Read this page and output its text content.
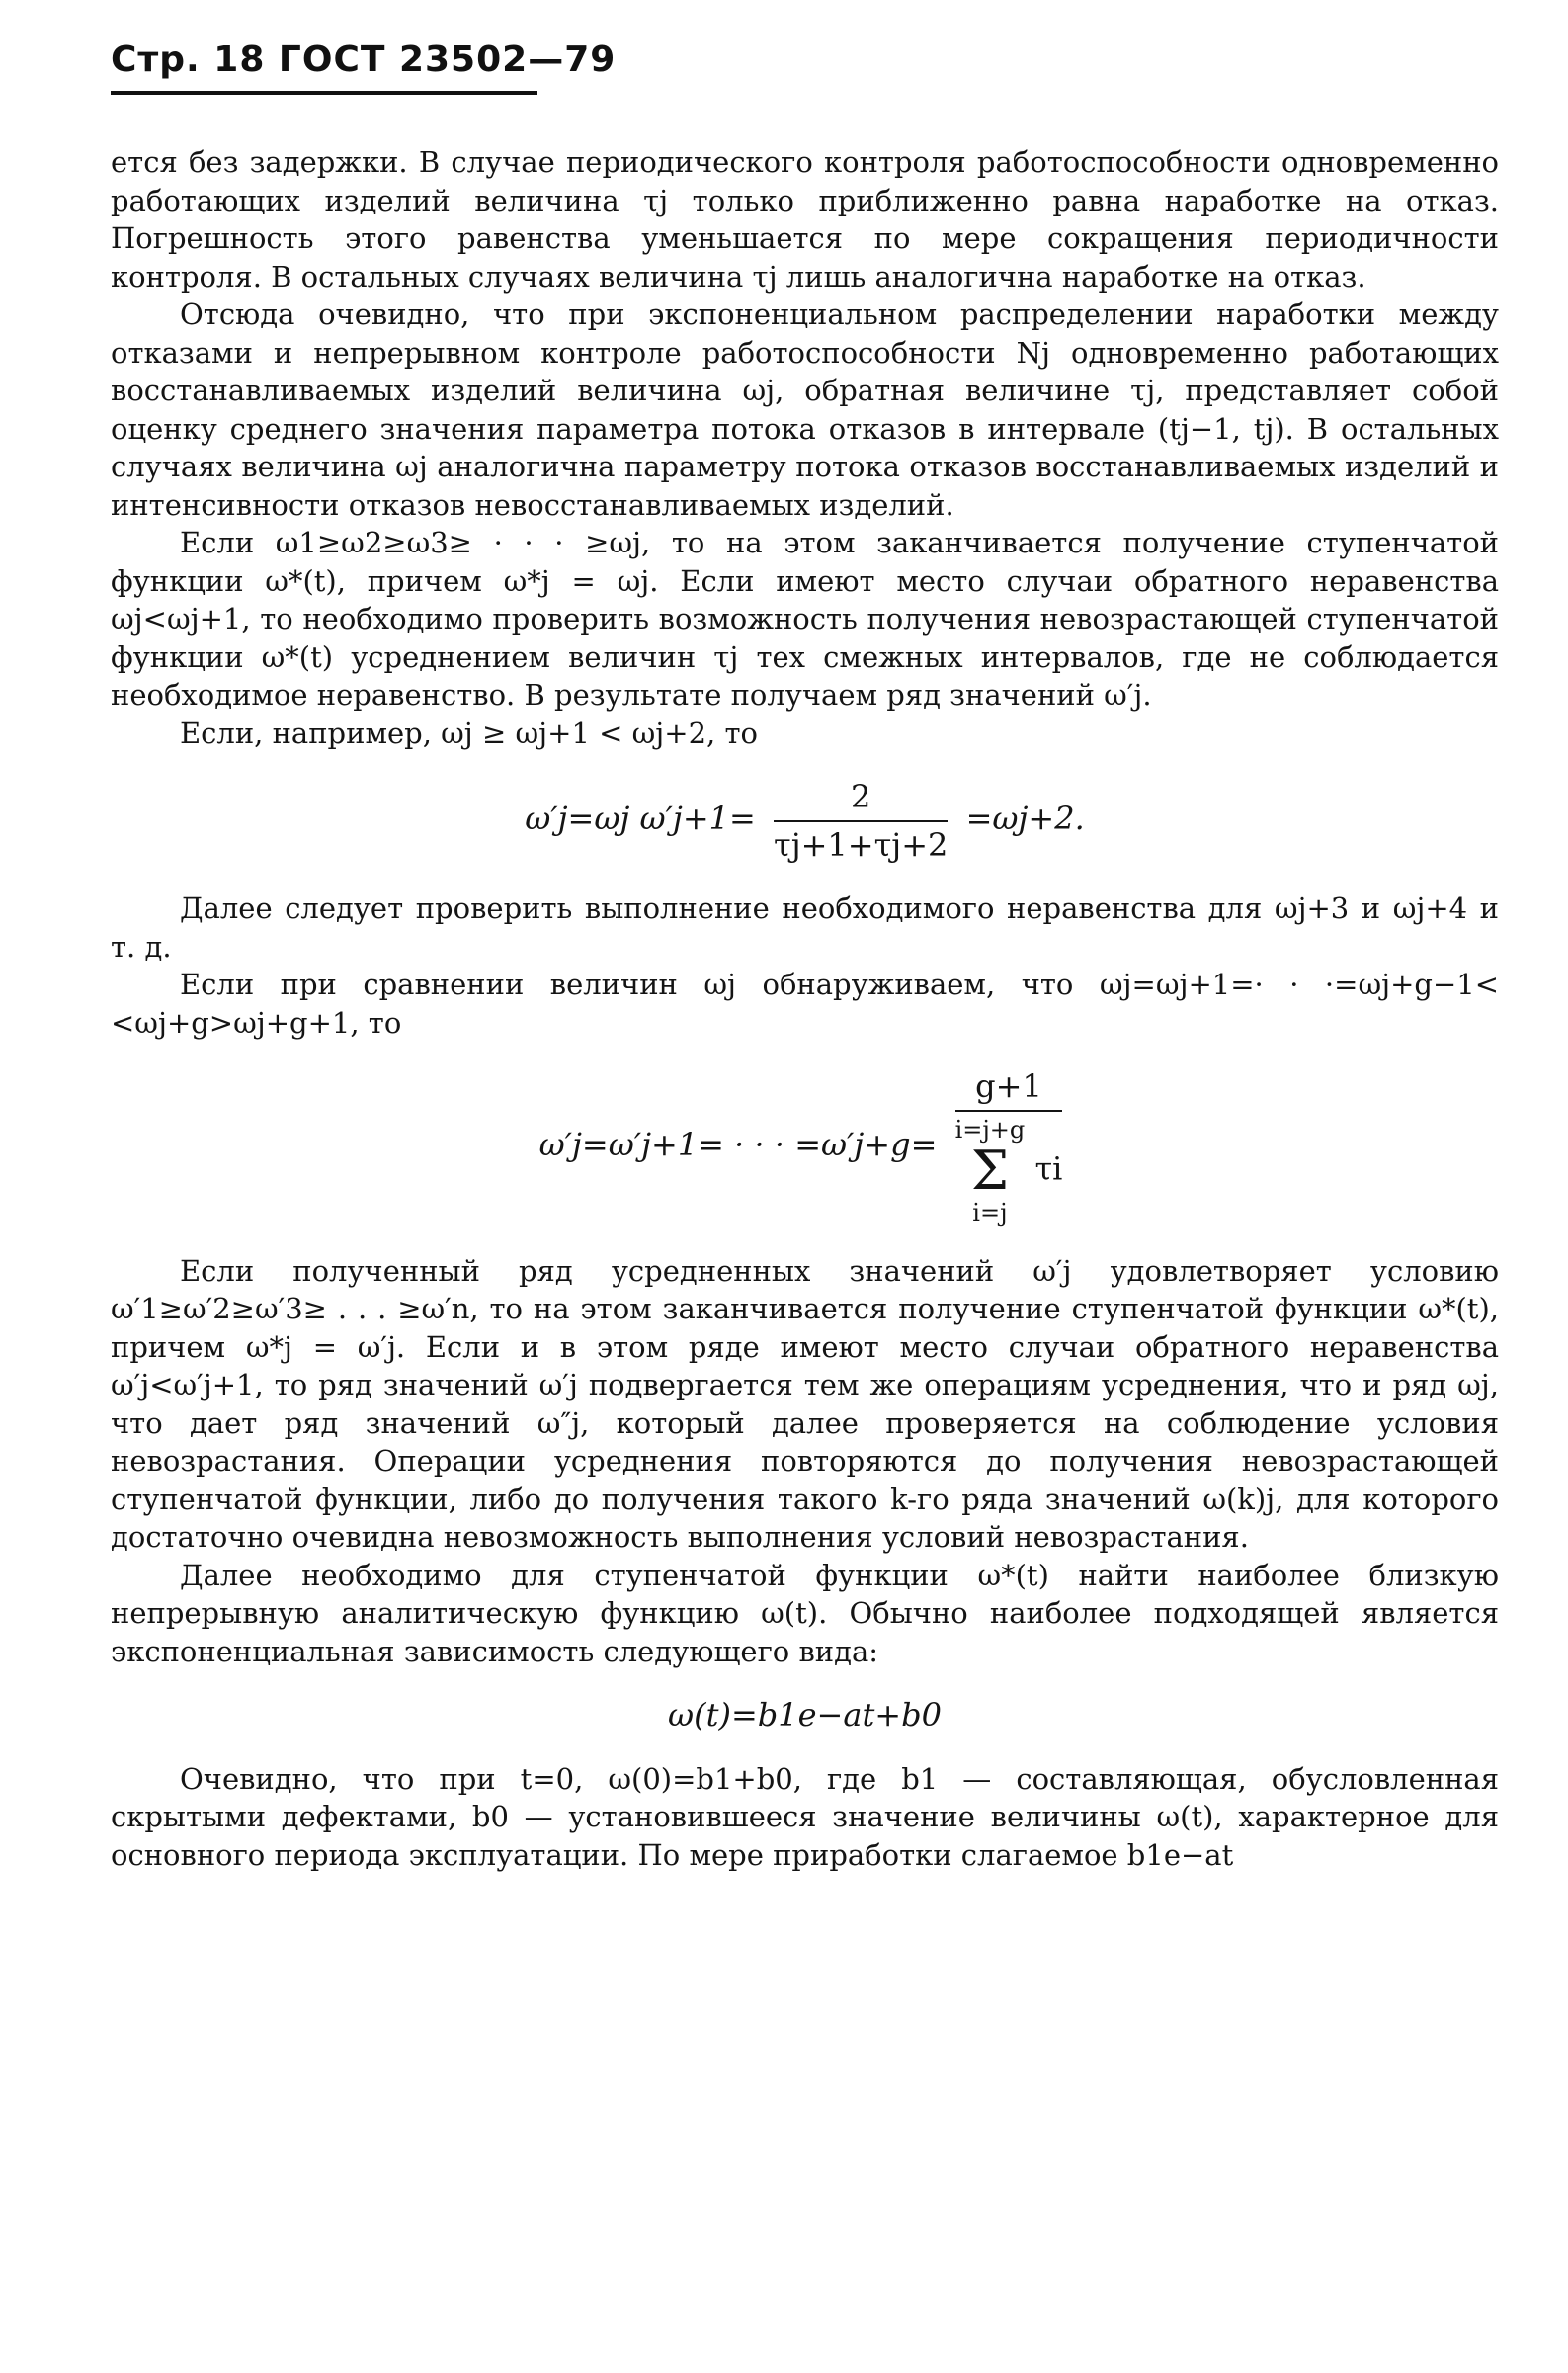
Стр. 18 ГОСТ 23502—79

ется без задержки. В случае периодического контроля работоспособности одновременно работающих изделий величина τj только приближенно равна наработке на отказ. Погрешность этого равенства уменьшается по мере сокращения периодичности контроля. В остальных случаях величина τj лишь аналогична наработке на отказ.

Отсюда очевидно, что при экспоненциальном распределении наработки между отказами и непрерывном контроле работоспособности Nj одновременно работающих восстанавливаемых изделий величина ωj, обратная величине τj, представляет собой оценку среднего значения параметра потока отказов в интервале (tj−1, tj). В остальных случаях величина ωj аналогична параметру потока отказов восстанавливаемых изделий и интенсивности отказов невосстанавливаемых изделий.

Если ω1≥ω2≥ω3≥ · · · ≥ωj, то на этом заканчивается получение ступенчатой функции ω*(t), причем ω*j = ωj. Если имеют место случаи обратного неравенства ωj<ωj+1, то необходимо проверить возможность получения невозрастающей ступенчатой функции ω*(t) усреднением величин τj тех смежных интервалов, где не соблюдается необходимое неравенство. В результате получаем ряд значений ω′j.

Если, например, ωj ≥ ωj+1 < ωj+2, то

ω′j=ωj $\omega'j+1= \frac{2}{\tau j+1+\tau j+2} =\omega j+2$.

Далее следует проверить выполнение необходимого неравенства для ωj+3 и ωj+4 и т. д.

Если при сравнении величин ωj обнаруживаем, что ωj=ωj+1=· · ·=ωj+g−1< <ωj+g>ωj+g+1, то

ω′j=ω′j+1= · · · =ω′j+g= g+1
i=j+g
Σ
i=j
τi

Если полученный ряд усредненных значений ω′j удовлетворяет условию ω′1≥ω′2≥ω′3≥ . . . ≥ω′n, то на этом заканчивается получение ступенчатой функции ω*(t), причем ω*j = ω′j. Если и в этом ряде имеют место случаи обратного неравенства ω′j<ω′j+1, то ряд значений ω′j подвергается тем же операциям усреднения, что и ряд ωj, что дает ряд значений ω″j, который далее проверяется на соблюдение условия невозрастания. Операции усреднения повторяются до получения невозрастающей ступенчатой функции, либо до получения такого k-го ряда значений ω(k)j, для которого достаточно очевидна невозможность выполнения условий невозрастания.

Далее необходимо для ступенчатой функции ω*(t) найти наиболее близкую непрерывную аналитическую функцию ω(t). Обычно наиболее подходящей является экспоненциальная зависимость следующего вида:

ω(t)=b1e−at+b0

Очевидно, что при t=0, ω(0)=b1+b0, где b1 — составляющая, обусловленная скрытыми дефектами, b0 — установившееся значение величины ω(t), характерное для основного периода эксплуатации. По мере приработки слагаемое b1e−at
